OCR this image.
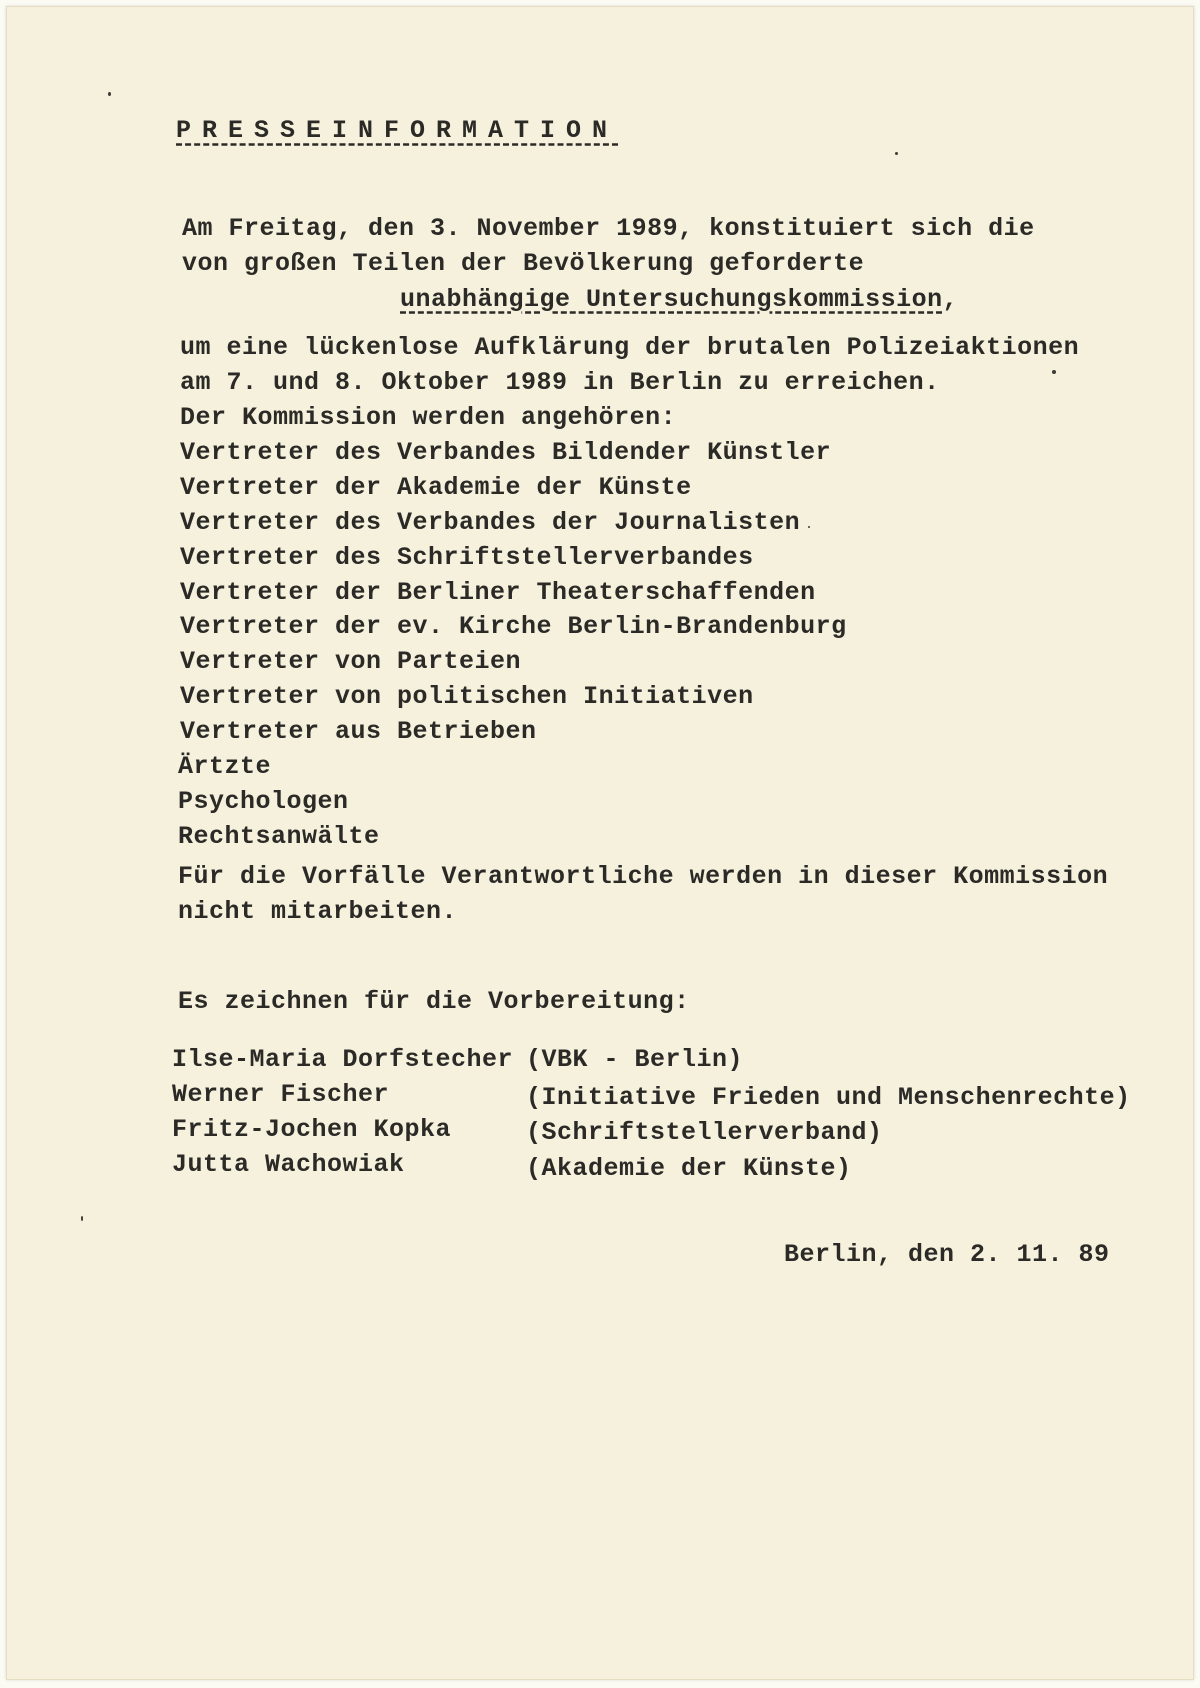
PRESSEINFORMATION
Am Freitag, den 3. November 1989, konstituiert sich die
von großen Teilen der Bevölkerung geforderte
unabhängige Untersuchungskommission,
um eine lückenlose Aufklärung der brutalen Polizeiaktionen
am 7. und 8. Oktober 1989 in Berlin zu erreichen.
Der Kommission werden angehören:
Vertreter des Verbandes Bildender Künstler
Vertreter der Akademie der Künste
Vertreter des Verbandes der Journalisten
Vertreter des Schriftstellerverbandes
Vertreter der Berliner Theaterschaffenden
Vertreter der ev. Kirche Berlin-Brandenburg
Vertreter von Parteien
Vertreter von politischen Initiativen
Vertreter aus Betrieben
Ärtzte
Psychologen
Rechtsanwälte
Für die Vorfälle Verantwortliche werden in dieser Kommission
nicht mitarbeiten.
Es zeichnen für die Vorbereitung:
Ilse-Maria Dorfstecher (VBK - Berlin)
Werner Fischer	(Initiative Frieden und Menschenrechte)
Fritz-Jochen Kopka	(Schriftstellerverband)
Jutta Wachowiak	(Akademie der Künste)
Berlin, den 2. 11. 89
